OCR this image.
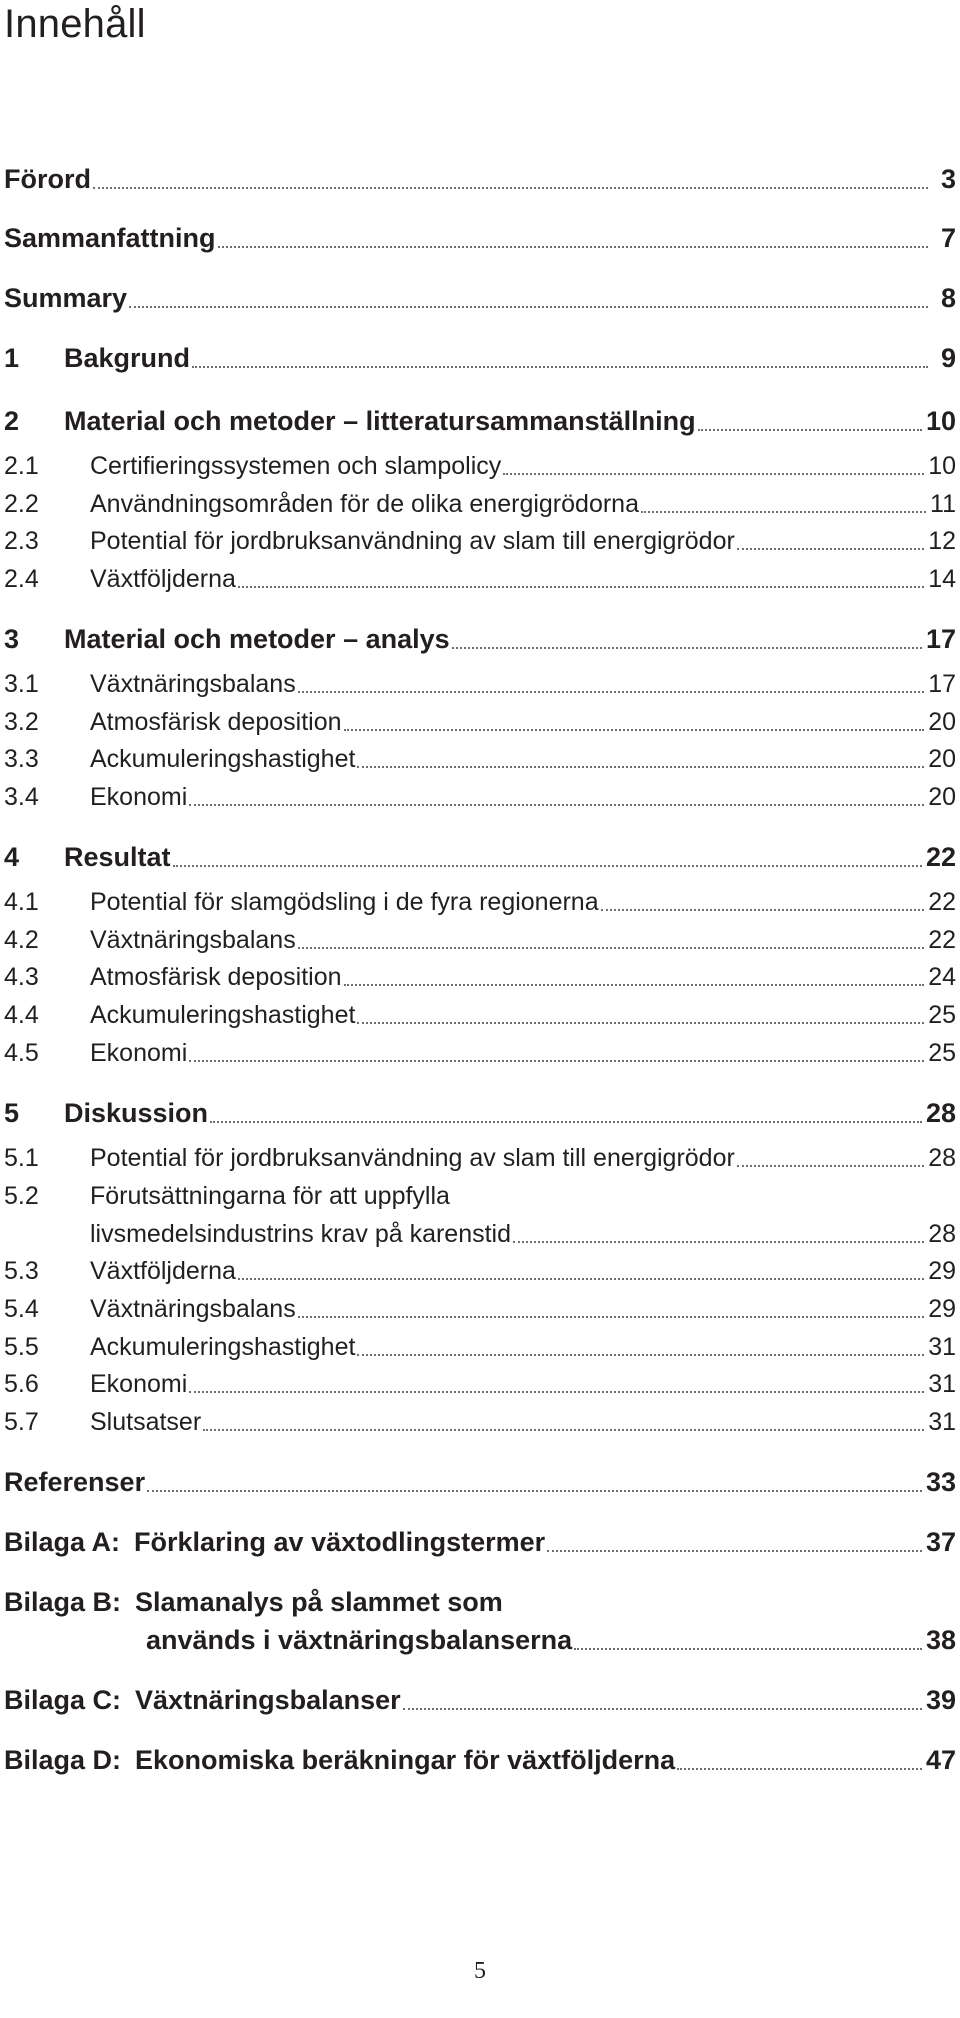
Innehåll
Förord	3
Sammanfattning	7
Summary	8
1	Bakgrund	9
2	Material och metoder – litteratursammanställning	10
2.1	Certifieringssystemen och slampolicy	10
2.2	Användningsområden för de olika energigrödorna	11
2.3	Potential för jordbruksanvändning av slam till energigrödor	12
2.4	Växtföljderna	14
3	Material och metoder – analys	17
3.1	Växtnäringsbalans	17
3.2	Atmosfärisk deposition	20
3.3	Ackumuleringshastighet	20
3.4	Ekonomi	20
4	Resultat	22
4.1	Potential för slamgödsling i de fyra regionerna	22
4.2	Växtnäringsbalans	22
4.3	Atmosfärisk deposition	24
4.4	Ackumuleringshastighet	25
4.5	Ekonomi	25
5	Diskussion	28
5.1	Potential för jordbruksanvändning av slam till energigrödor	28
5.2	Förutsättningarna för att uppfylla
livsmedelsindustrins krav på karenstid	28
5.3	Växtföljderna	29
5.4	Växtnäringsbalans	29
5.5	Ackumuleringshastighet	31
5.6	Ekonomi	31
5.7	Slutsatser	31
Referenser	33
Bilaga A: Förklaring av växtodlingstermer	37
Bilaga B: Slamanalys på slammet som
används i växtnäringsbalanserna	38
Bilaga C: Växtnäringsbalanser	39
Bilaga D: Ekonomiska beräkningar för växtföljderna	47
5
